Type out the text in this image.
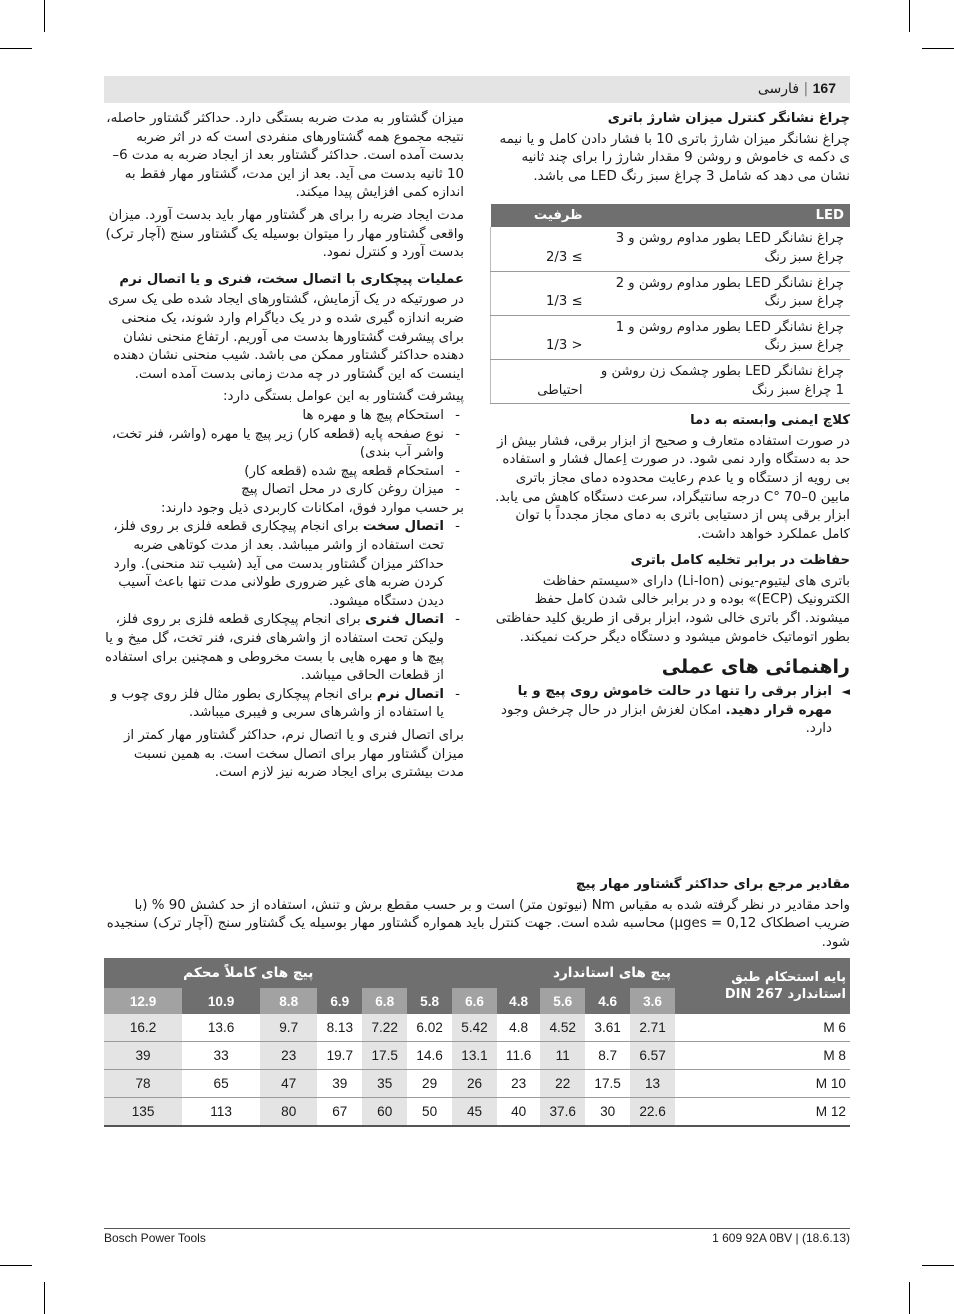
167 | فارسی

چراغ نشانگر کنترل میزان شارژ باتری

چراغ نشانگر میزان شارژ باتری 10 با فشار دادن کامل و یا نیمه ی دکمه ی خاموش و روشن 9 مقدار شارژ را برای چند ثانیه نشان می دهد که شامل 3 چراغ سبز رنگ LED می باشد.

LED	ظرفیت
چراغ نشانگر LED بطور مداوم روشن و 3 چراغ سبز رنگ	≥ 2/3
چراغ نشانگر LED بطور مداوم روشن و 2 چراغ سبز رنگ	≥ 1/3
چراغ نشانگر LED بطور مداوم روشن و 1 چراغ سبز رنگ	< 1/3
چراغ نشانگر LED بطور چشمک زن روشن و 1 چراغ سبز رنگ	احتیاطی

کلاچ ایمنی وابسته به دما

در صورت استفاده متعارف و صحیح از ابزار برقی، فشار بیش از حد به دستگاه وارد نمی شود. در صورت اِعمال فشار و استفاده بی رویه از دستگاه و یا عدم رعایت محدوده دمای مجاز باتری مابین 0–70 °C درجه سانتیگراد، سرعت دستگاه کاهش می یابد. ابزار برقی پس از دستیابی باتری به دمای مجاز مجدداً با توان کامل عملکرد خواهد داشت.

حفاظت در برابر تخلیه کامل باتری

باتری های لیتیوم-یونی (Li-Ion) دارای «سیستم حفاظت الکترونیک (ECP)» بوده و در برابر خالی شدن کامل حفظ میشوند. اگر باتری خالی شود، ابزار برقی از طریق کلید حفاظتی بطور اتوماتیک خاموش میشود و دستگاه دیگر حرکت نمیکند.

راهنمائی های عملی

◄ ابزار برقی را تنها در حالت خاموش روی پیچ و یا مهره قرار دهید. امکان لغزش ابزار در حال چرخش وجود دارد.

میزان گشتاور به مدت ضربه بستگی دارد. حداکثر گشتاور حاصله، نتیجه مجموع همه گشتاورهای منفردی است که در اثر ضربه بدست آمده است. حداکثر گشتاور بعد از ایجاد ضربه به مدت 6–10 ثانیه بدست می آید. بعد از این مدت، گشتاور مهار فقط به اندازه کمی افزایش پیدا میکند.

مدت ایجاد ضربه را برای هر گشتاور مهار باید بدست آورد. میزان واقعی گشتاور مهار را میتوان بوسیله یک گشتاور سنج (آچار ترک) بدست آورد و کنترل نمود.

عملیات پیچکاری با اتصال سخت، فنری و یا اتصال نرم

در صورتیکه در یک آزمایش، گشتاورهای ایجاد شده طی یک سری ضربه اندازه گیری شده و در یک دیاگرام وارد شوند، یک منحنی برای پیشرفت گشتاورها بدست می آوریم. ارتفاع منحنی نشان دهنده حداکثر گشتاور ممکن می باشد. شیب منحنی نشان دهنده اینست که این گشتاور در چه مدت زمانی بدست آمده است.

پیشرفت گشتاور به این عوامل بستگی دارد:

- استحکام پیچ ها و مهره ها
- نوع صفحه پایه (قطعه کار) زیر پیچ یا مهره (واشر، فنر تخت، واشر آب بندی)
- استحکام قطعه پیچ شده (قطعه کار)
- میزان روغن کاری در محل اتصال پیچ

بر حسب موارد فوق، امکانات کاربردی ذیل وجود دارند:

- اتصال سخت برای انجام پیچکاری قطعه فلزی بر روی فلز، تحت استفاده از واشر میباشد. بعد از مدت کوتاهی ضربه حداکثر میزان گشتاور بدست می آید (شیب تند منحنی). وارد کردن ضربه های غیر ضروری طولانی مدت تنها باعث آسیب دیدن دستگاه میشود.
- اتصال فنری برای انجام پیچکاری قطعه فلزی بر روی فلز، ولیکن تحت استفاده از واشرهای فنری، فنر تخت، گل میخ و یا پیچ ها و مهره هایی با بست مخروطی و همچنین برای استفاده از قطعات الحاقی میباشد.
- اتصال نرم برای انجام پیچکاری بطور مثال فلز روی چوب و یا استفاده از واشرهای سربی و فیبری میباشد.

برای اتصال فنری و یا اتصال نرم، حداکثر گشتاور مهار کمتر از میزان گشتاور مهار برای اتصال سخت است. به همین نسبت مدت بیشتری برای ایجاد ضربه نیز لازم است.

مقادیر مرجع برای حداکثر گشتاور مهار پیچ

واحد مقادیر در نظر گرفته شده به مقیاس Nm (نیوتون متر) است و بر حسب مقطع برش و تنش، استفاده از حد کشش 90 % (با ضریب اصطکاک μges = 0,12) محاسبه شده است. جهت کنترل باید همواره گشتاور مهار بوسیله یک گشتاور سنج (آچار ترک) سنجیده شود.

پایه استحکام طبق استاندارد DIN 267	پیچ های استاندارد								پیچ های کاملاً محکم		
	3.6	4.6	5.6	4.8	6.6	5.8	6.8	6.9	8.8	10.9	12.9
M 6	2.71	3.61	4.52	4.8	5.42	6.02	7.22	8.13	9.7	13.6	16.2
M 8	6.57	8.7	11	11.6	13.1	14.6	17.5	19.7	23	33	39
M 10	13	17.5	22	23	26	29	35	39	47	65	78
M 12	22.6	30	37.6	40	45	50	60	67	80	113	135
Bosch Power Tools	1 609 92A 0BV | (18.6.13)
